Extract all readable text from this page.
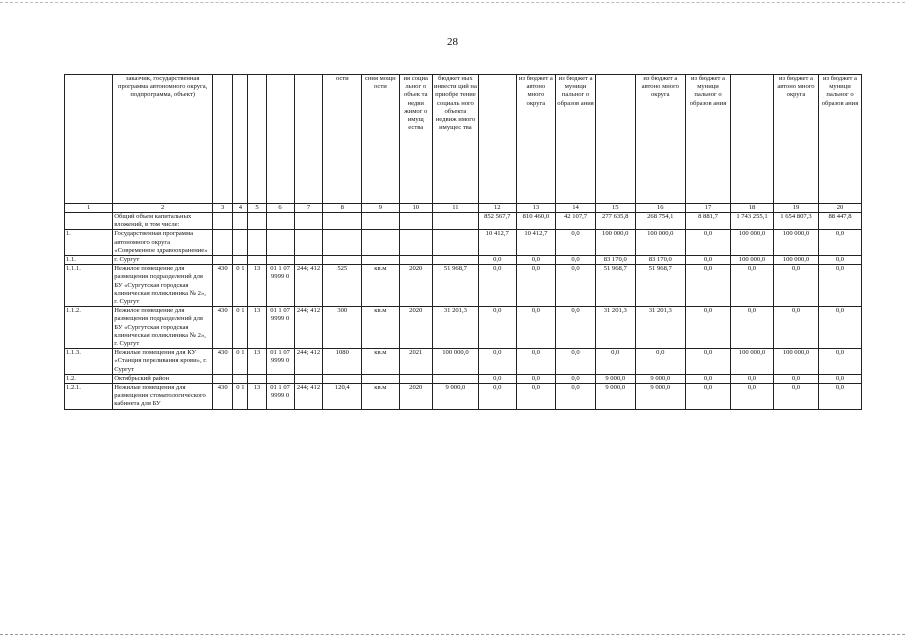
28
	заказчик, государственная программа автономного округа, подпрограмма, объект)						ости	сния мощн ости	ия социа льног о объек та недви жимог о имущ ества	бюджет ных инвести ций на приобре тение социаль ного объекта недвиж имого имущес тва		из бюджет а автоно много округа	из бюджет а муници пальног о образов ания		из бюджет а автоно много округа	из бюджет а муници пальног о образов ания		из бюджет а автоно много округа	из бюджет а муници пальног о образов ания
1	2	3	4	5	6	7	8	9	10	11	12	13	14	15	16	17	18	19	20
	Общий объем капитальных вложений, в том числе:										852 567,7	810 460,0	42 107,7	277 635,8	268 754,1	8 881,7	1 743 255,1	1 654 807,3	88 447,8
1.	Государственная программа автономного округа «Современное здравоохранение»										10 412,7	10 412,7	0,0	100 000,0	100 000,0	0,0	100 000,0	100 000,0	0,0
1.1.	г. Сургут										0,0	0,0	0,0	83 170,0	83 170,0	0,0	100 000,0	100 000,0	0,0
1.1.1.	Нежилое помещение для размещения подразделений для БУ «Сургутская городская клиническая поликлиника № 2», г. Сургут	430	0 1	13	01 1 07 9999 0	244; 412	525	кв.м	2020	51 968,7	0,0	0,0	0,0	51 968,7	51 968,7	0,0	0,0	0,0	0,0
1.1.2.	Нежилое помещение для размещения подразделений для БУ «Сургутская городская клиническая поликлиника № 2», г. Сургут	430	0 1	13	01 1 07 9999 0	244; 412	300	кв.м	2020	31 201,3	0,0	0,0	0,0	31 201,3	31 201,3	0,0	0,0	0,0	0,0
1.1.3.	Нежилые помещения для КУ «Станция переливания крови», г. Сургут	430	0 1	13	01 1 07 9999 0	244; 412	1080	кв.м	2021	100 000,0	0,0	0,0	0,0	0,0	0,0	0,0	100 000,0	100 000,0	0,0
1.2.	Октябрьский район										0,0	0,0	0,0	9 000,0	9 000,0	0,0	0,0	0,0	0,0
1.2.1.	Нежилые помещения для размещения стоматологического кабинета для БУ	430	0 1	13	01 1 07 9999 0	244; 412	120,4	кв.м	2020	9 000,0	0,0	0,0	0,0	9 000,0	9 000,0	0,0	0,0	0,0	0,0
